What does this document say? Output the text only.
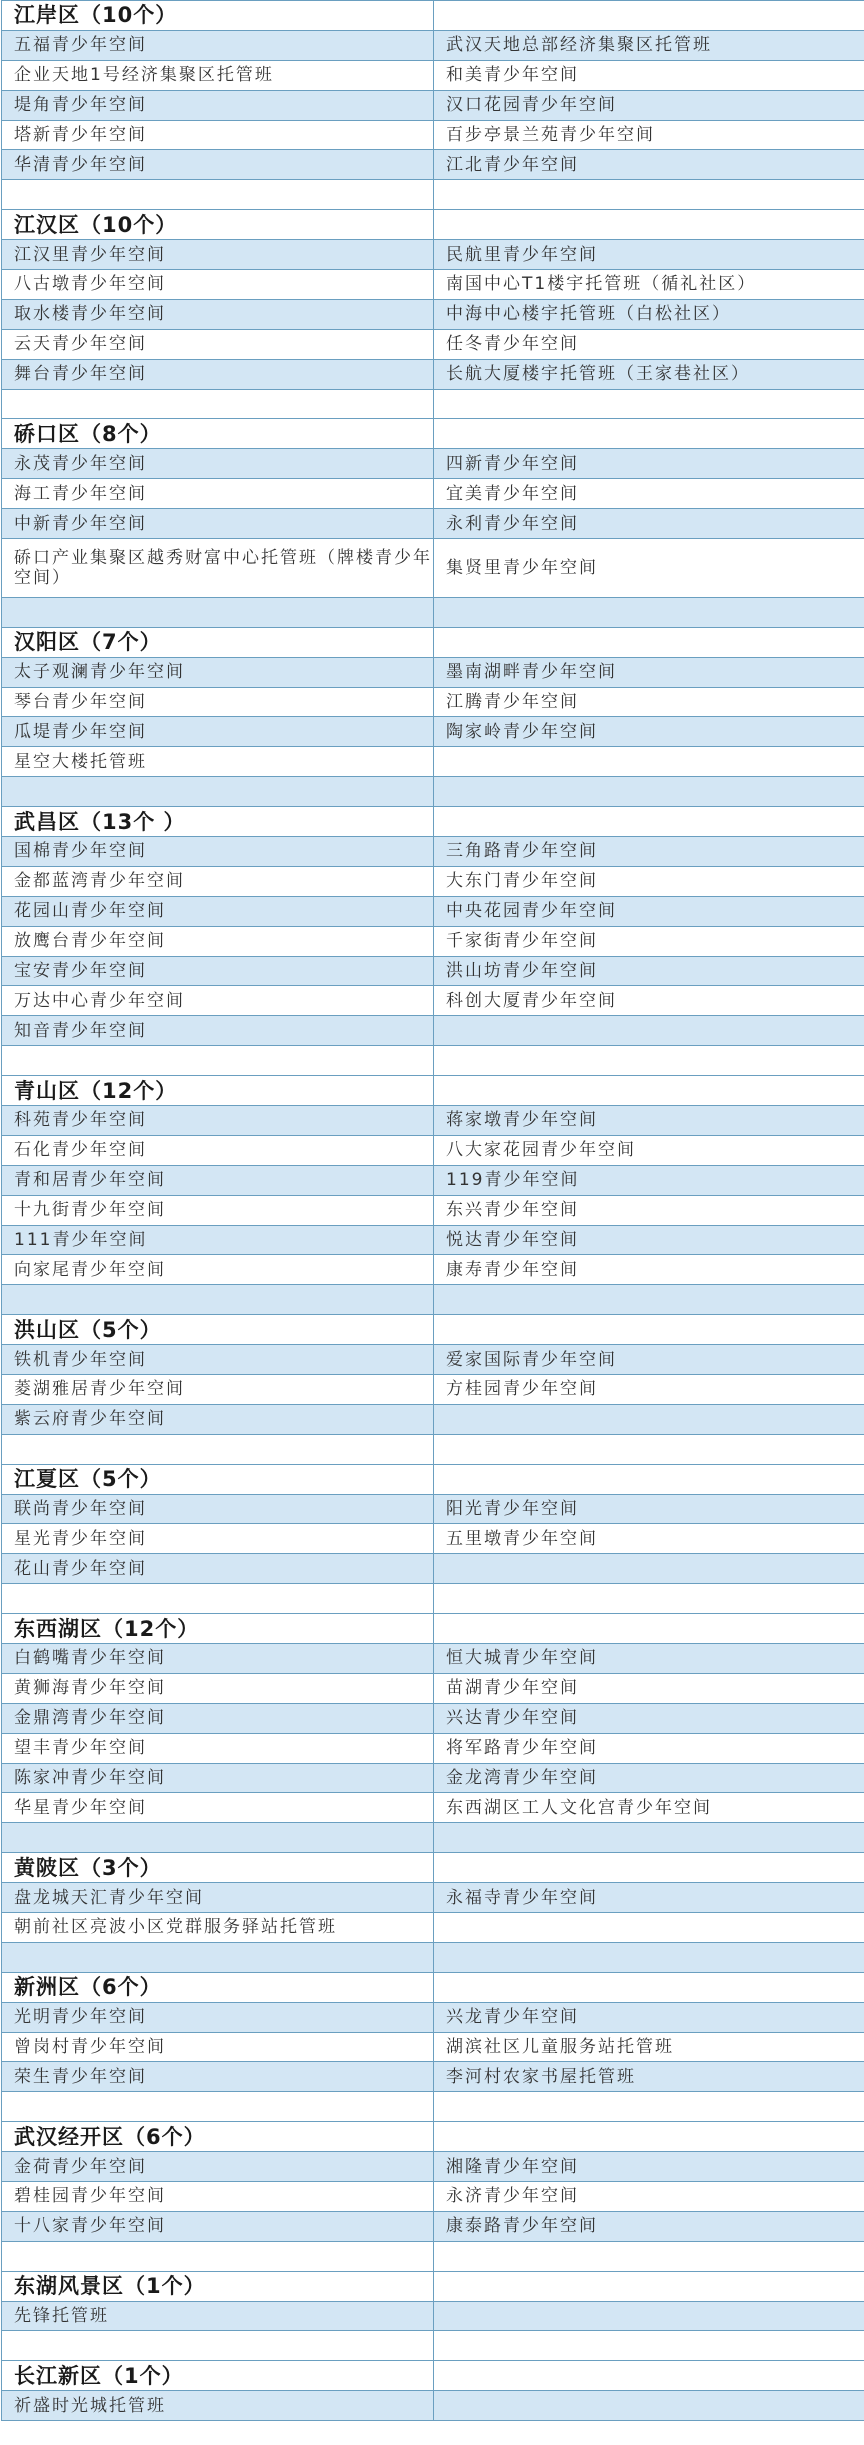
江岸区（10个）	
五福青少年空间	武汉天地总部经济集聚区托管班
企业天地1号经济集聚区托管班	和美青少年空间
堤角青少年空间	汉口花园青少年空间
塔新青少年空间	百步亭景兰苑青少年空间
华清青少年空间	江北青少年空间

江汉区（10个）	
江汉里青少年空间	民航里青少年空间
八古墩青少年空间	南国中心T1楼宇托管班（循礼社区）
取水楼青少年空间	中海中心楼宇托管班（白松社区）
云天青少年空间	任冬青少年空间
舞台青少年空间	长航大厦楼宇托管班（王家巷社区）

硚口区（8个）	
永茂青少年空间	四新青少年空间
海工青少年空间	宜美青少年空间
中新青少年空间	永利青少年空间
硚口产业集聚区越秀财富中心托管班（牌楼青少年空间）	集贤里青少年空间

汉阳区（7个）	
太子观澜青少年空间	墨南湖畔青少年空间
琴台青少年空间	江腾青少年空间
瓜堤青少年空间	陶家岭青少年空间
星空大楼托管班	

武昌区（13个 ）	
国棉青少年空间	三角路青少年空间
金都蓝湾青少年空间	大东门青少年空间
花园山青少年空间	中央花园青少年空间
放鹰台青少年空间	千家街青少年空间
宝安青少年空间	洪山坊青少年空间
万达中心青少年空间	科创大厦青少年空间
知音青少年空间	

青山区（12个）	
科苑青少年空间	蒋家墩青少年空间
石化青少年空间	八大家花园青少年空间
青和居青少年空间	119青少年空间
十九街青少年空间	东兴青少年空间
111青少年空间	悦达青少年空间
向家尾青少年空间	康寿青少年空间

洪山区（5个）	
铁机青少年空间	爱家国际青少年空间
菱湖雅居青少年空间	方桂园青少年空间
紫云府青少年空间	

江夏区（5个）	
联尚青少年空间	阳光青少年空间
星光青少年空间	五里墩青少年空间
花山青少年空间	

东西湖区（12个）	
白鹤嘴青少年空间	恒大城青少年空间
黄狮海青少年空间	苗湖青少年空间
金鼎湾青少年空间	兴达青少年空间
望丰青少年空间	将军路青少年空间
陈家冲青少年空间	金龙湾青少年空间
华星青少年空间	东西湖区工人文化宫青少年空间

黄陂区（3个）	
盘龙城天汇青少年空间	永福寺青少年空间
朝前社区亮波小区党群服务驿站托管班	

新洲区（6个）	
光明青少年空间	兴龙青少年空间
曾岗村青少年空间	湖滨社区儿童服务站托管班
荣生青少年空间	李河村农家书屋托管班

武汉经开区（6个）	
金荷青少年空间	湘隆青少年空间
碧桂园青少年空间	永济青少年空间
十八家青少年空间	康泰路青少年空间

东湖风景区（1个）	
先锋托管班	

长江新区（1个）	
祈盛时光城托管班	
